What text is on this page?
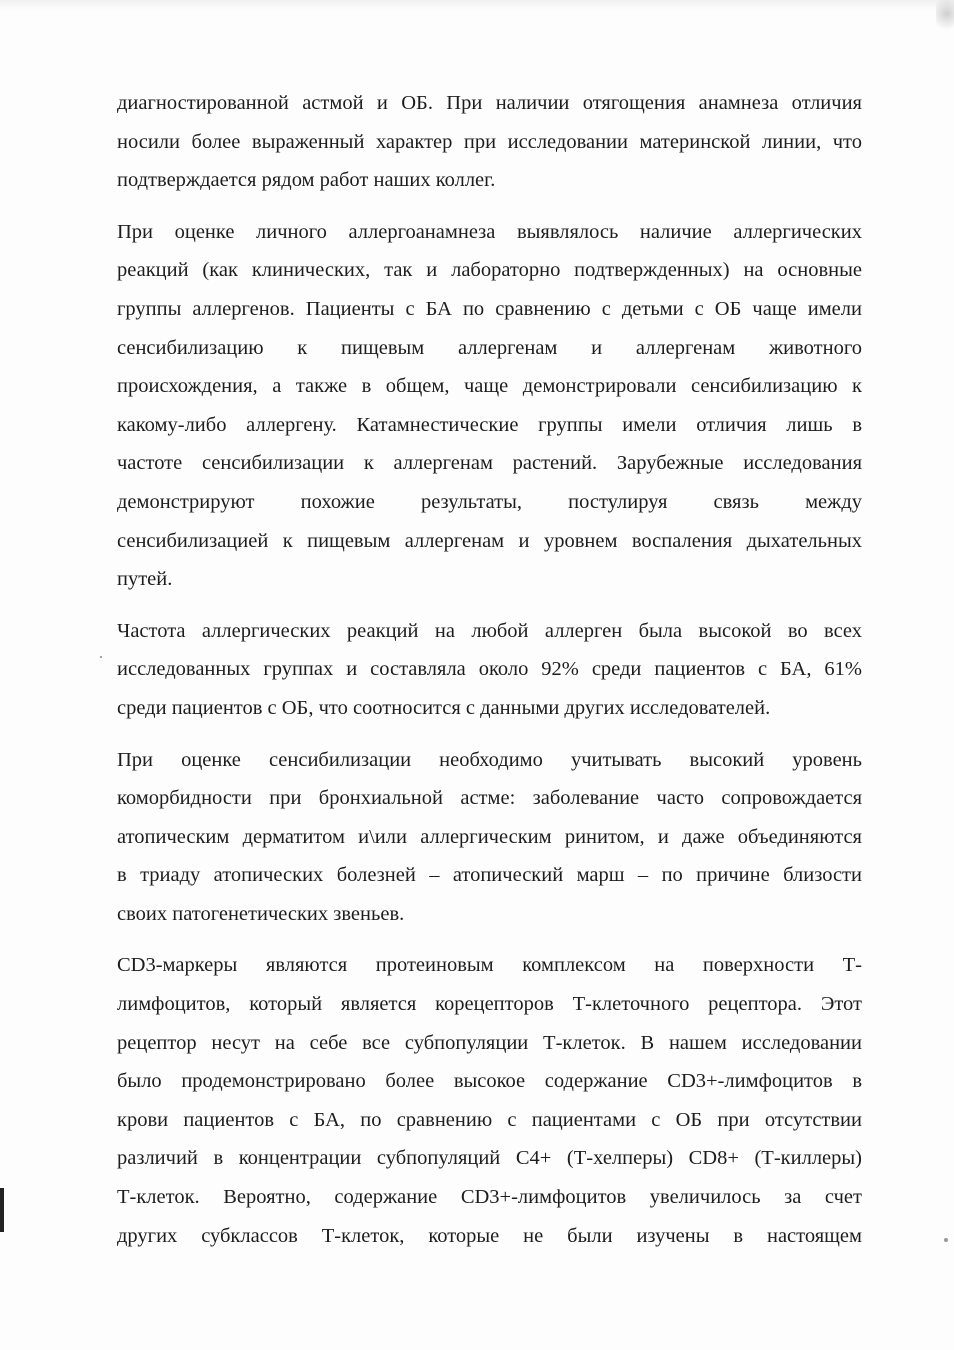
диагностированной астмой и ОБ. При наличии отягощения анамнеза отличия
носили более выраженный характер при исследовании материнской линии, что
подтверждается рядом работ наших коллег.
При оценке личного аллергоанамнеза выявлялось наличие аллергических
реакций (как клинических, так и лабораторно подтвержденных) на основные
группы аллергенов. Пациенты с БА по сравнению с детьми с ОБ чаще имели
сенсибилизацию к пищевым аллергенам и аллергенам животного
происхождения, а также в общем, чаще демонстрировали сенсибилизацию к
какому-либо аллергену. Катамнестические группы имели отличия лишь в
частоте сенсибилизации к аллергенам растений. Зарубежные исследования
демонстрируют похожие результаты, постулируя связь между
сенсибилизацией к пищевым аллергенам и уровнем воспаления дыхательных
путей.
Частота аллергических реакций на любой аллерген была высокой во всех
исследованных группах и составляла около 92% среди пациентов с БА, 61%
среди пациентов с ОБ, что соотносится с данными других исследователей.
При оценке сенсибилизации необходимо учитывать высокий уровень
коморбидности при бронхиальной астме: заболевание часто сопровождается
атопическим дерматитом и\или аллергическим ринитом, и даже объединяются
в триаду атопических болезней – атопический марш – по причине близости
своих патогенетических звеньев.
CD3-маркеры являются протеиновым комплексом на поверхности Т-
лимфоцитов, который является корецепторов Т-клеточного рецептора. Этот
рецептор несут на себе все субпопуляции Т-клеток. В нашем исследовании
было продемонстрировано более высокое содержание CD3+-лимфоцитов в
крови пациентов с БА, по сравнению с пациентами с ОБ при отсутствии
различий в концентрации субпопуляций C4+ (Т-хелперы) CD8+ (Т-киллеры)
Т-клеток. Вероятно, содержание CD3+-лимфоцитов увеличилось за счет
других субклассов Т-клеток, которые не были изучены в настоящем
